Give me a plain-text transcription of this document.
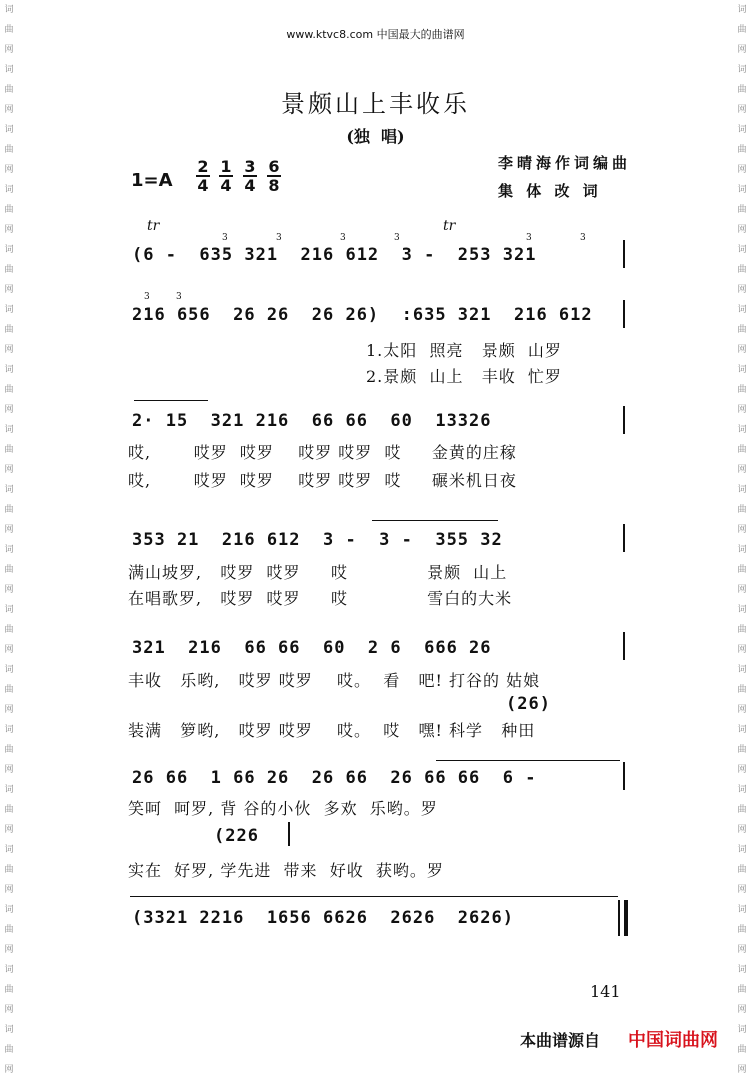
词曲网词曲网词曲网词曲网词曲网词曲网词曲网词曲网词曲网词曲网词曲网词曲网词曲网词曲网词曲网词曲网词曲网词曲网
词曲网词曲网词曲网词曲网词曲网词曲网词曲网词曲网词曲网词曲网词曲网词曲网词曲网词曲网词曲网词曲网词曲网词曲网
www.ktvc8.com 中国最大的曲谱网
景颇山上丰收乐
(独  唱)
1=A
2
4
1
4
3
4
6
8
李晴海作词编曲
集 体 改 词
tr	tr
3	3	3	3	3	3
(6 -  635 321  216 612  3 -  253 321
3	3
216 656  26 26  26 26)  :635 321  216 612
1.太阳  照亮   景颇  山罗
2.景颇  山上   丰收  忙罗
2· 15  321 216  66 66  60  13326
哎,       哎罗  哎罗    哎罗 哎罗  哎     金黄的庄稼
哎,       哎罗  哎罗    哎罗 哎罗  哎     碾米机日夜
353 21  216 612  3 -  3 -  355 32
满山坡罗,   哎罗  哎罗     哎             景颇  山上
在唱歌罗,   哎罗  哎罗     哎             雪白的大米
321  216  66 66  60  2 6  666 26
丰收   乐哟,   哎罗 哎罗    哎。  看   吧! 打谷的 姑娘
(26)
装满   箩哟,   哎罗 哎罗    哎。  哎   嘿! 科学   种田
26 66  1 66 26  26 66  26 66 66  6 -
笑呵  呵罗, 背 谷的小伙  多欢  乐哟。罗
(226
实在  好罗, 学先进  带来  好收  获哟。罗
(3321 2216  1656 6626  2626  2626)
141
本曲谱源自 中国词曲网
